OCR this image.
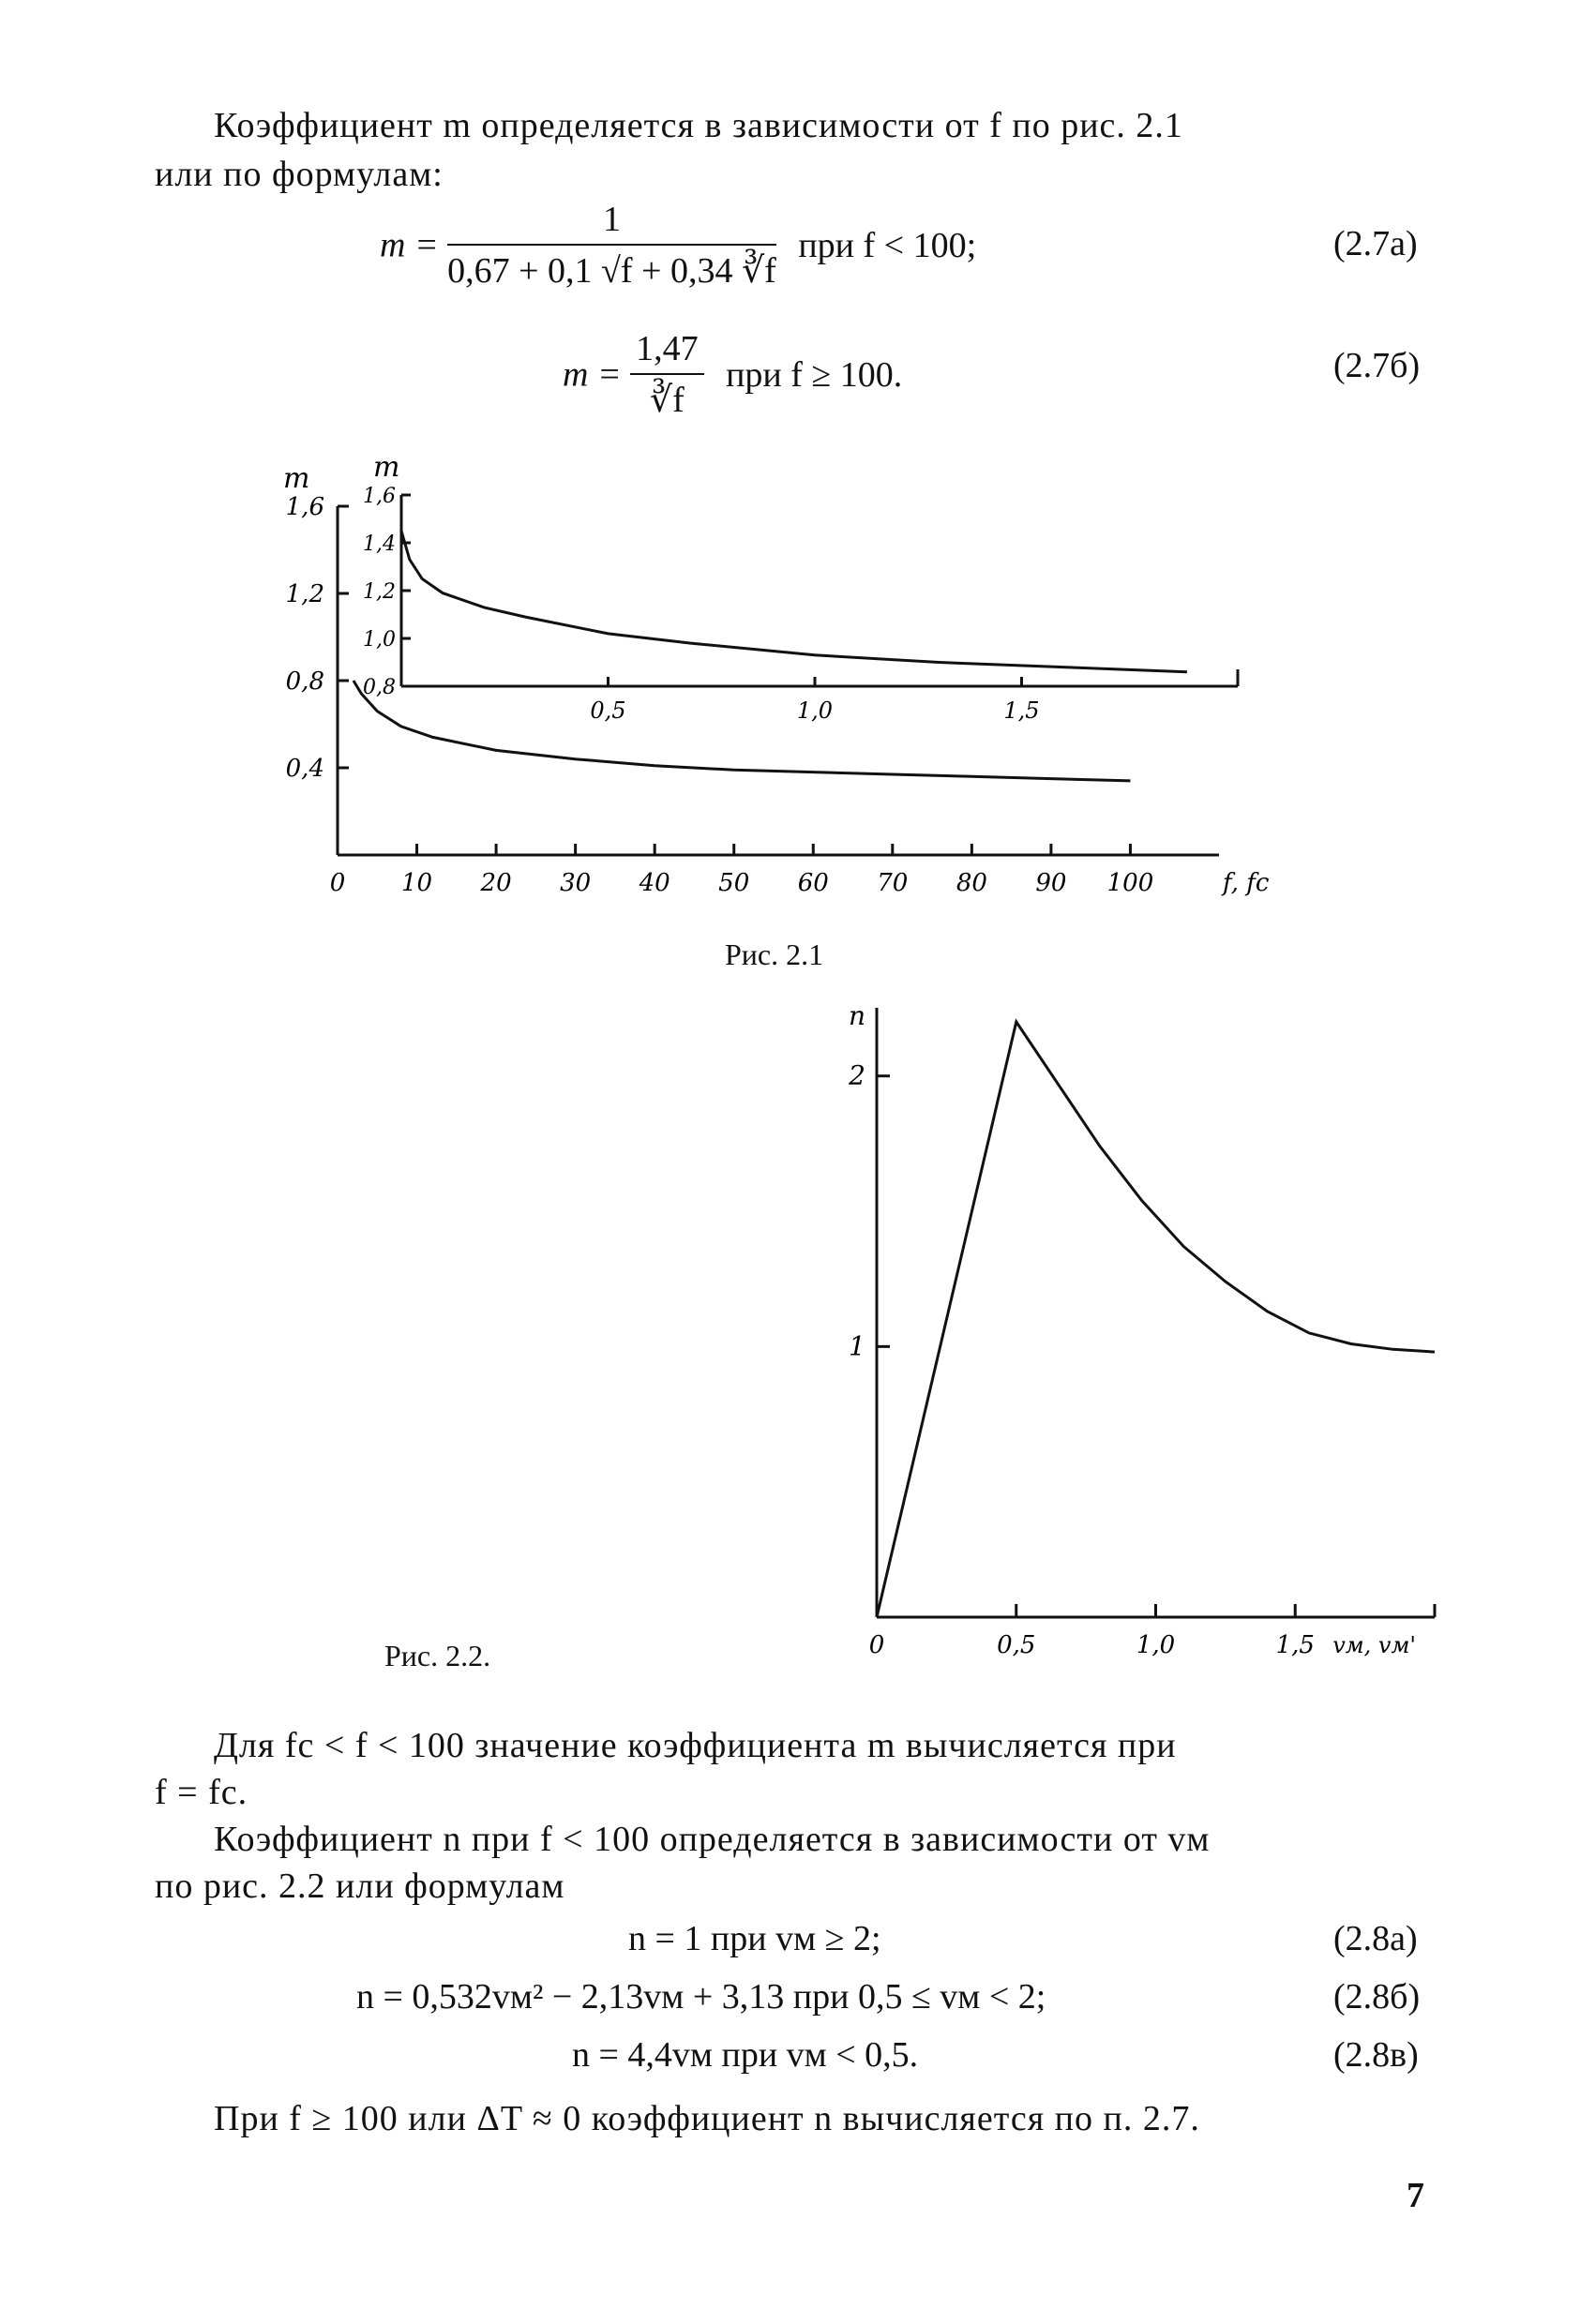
Коэффициент m определяется в зависимости от f по рис. 2.1
или по формулам:
$m = \frac{1}{0,67 + 0,1 √f + 0,34 ∛f}$ при f < 100;	(2.7а)
$m = \frac{1,47}{∛f}$ при f ≥ 100.	(2.7б)
0 10 20 30 40 50 60 70 80 90 100
0,4
0,8
1,2
1,6
m
f, fc
0,5	1,0	1,5
0,8
1,0
1,2
1,4
1,6
m
Рис. 2.1
0	0,5	1,0	1,5
1
2
n
vм, vм'
Рис. 2.2.
Для fc < f < 100 значение коэффициента m вычисляется при
f = fc.
Коэффициент n при f < 100 определяется в зависимости от vм
по рис. 2.2 или формулам
n = 1 при vм ≥ 2;	(2.8а)
n = 0,532vм² − 2,13vм + 3,13 при 0,5 ≤ vм < 2;	(2.8б)
n = 4,4vм при vм < 0,5.	(2.8в)
При f ≥ 100 или ΔT ≈ 0 коэффициент n вычисляется по п. 2.7.
7
